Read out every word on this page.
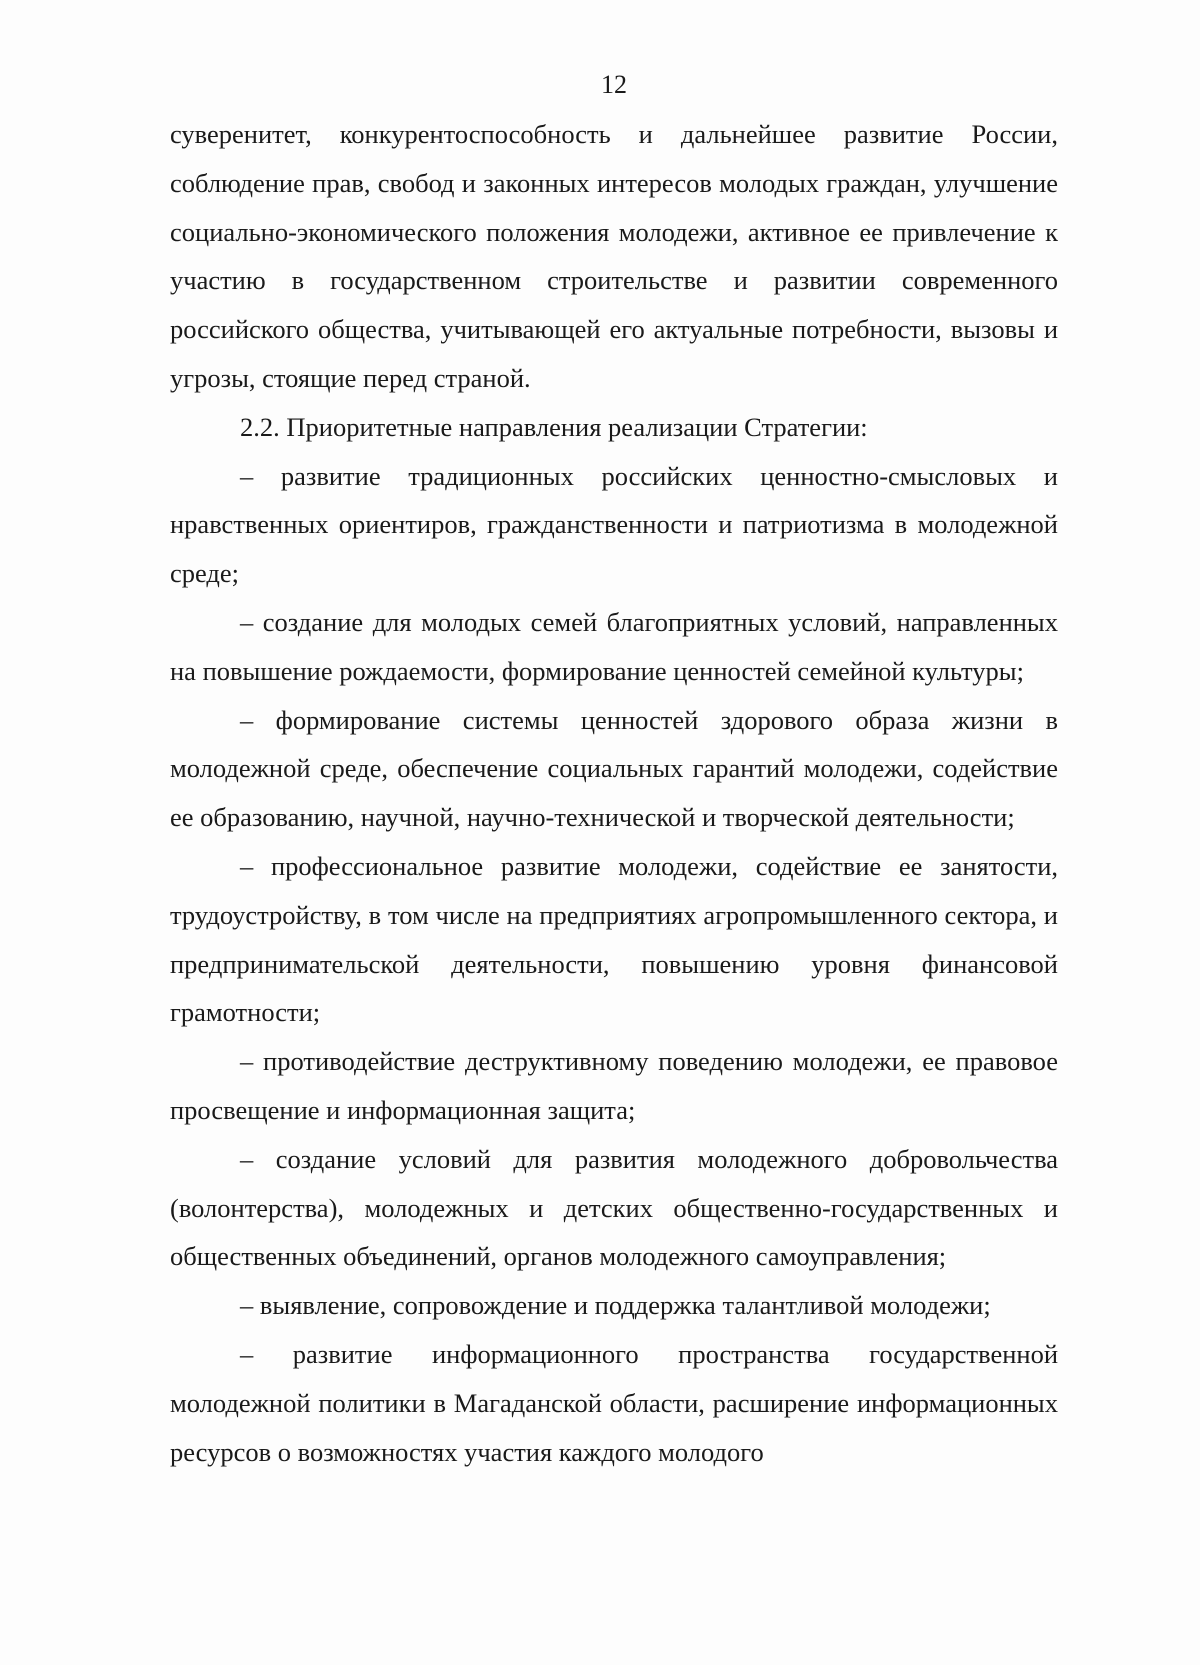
12

суверенитет, конкурентоспособность и дальнейшее развитие России, соблюдение прав, свобод и законных интересов молодых граждан, улучшение социально-экономического положения молодежи, активное ее привлечение к участию в государственном строительстве и развитии современного российского общества, учитывающей его актуальные потребности, вызовы и угрозы, стоящие перед страной.

2.2. Приоритетные направления реализации Стратегии:

– развитие традиционных российских ценностно-смысловых и нравственных ориентиров, гражданственности и патриотизма в молодежной среде;

– создание для молодых семей благоприятных условий, направленных на повышение рождаемости, формирование ценностей семейной культуры;

– формирование системы ценностей здорового образа жизни в молодежной среде, обеспечение социальных гарантий молодежи, содействие ее образованию, научной, научно-технической и творческой деятельности;

– профессиональное развитие молодежи, содействие ее занятости, трудоустройству, в том числе на предприятиях агропромышленного сектора, и предпринимательской деятельности, повышению уровня финансовой грамотности;

– противодействие деструктивному поведению молодежи, ее правовое просвещение и информационная защита;

– создание условий для развития молодежного добровольчества (волонтерства), молодежных и детских общественно-государственных и общественных объединений, органов молодежного самоуправления;

– выявление, сопровождение и поддержка талантливой молодежи;

– развитие информационного пространства государственной молодежной политики в Магаданской области, расширение информационных ресурсов о возможностях участия каждого молодого
